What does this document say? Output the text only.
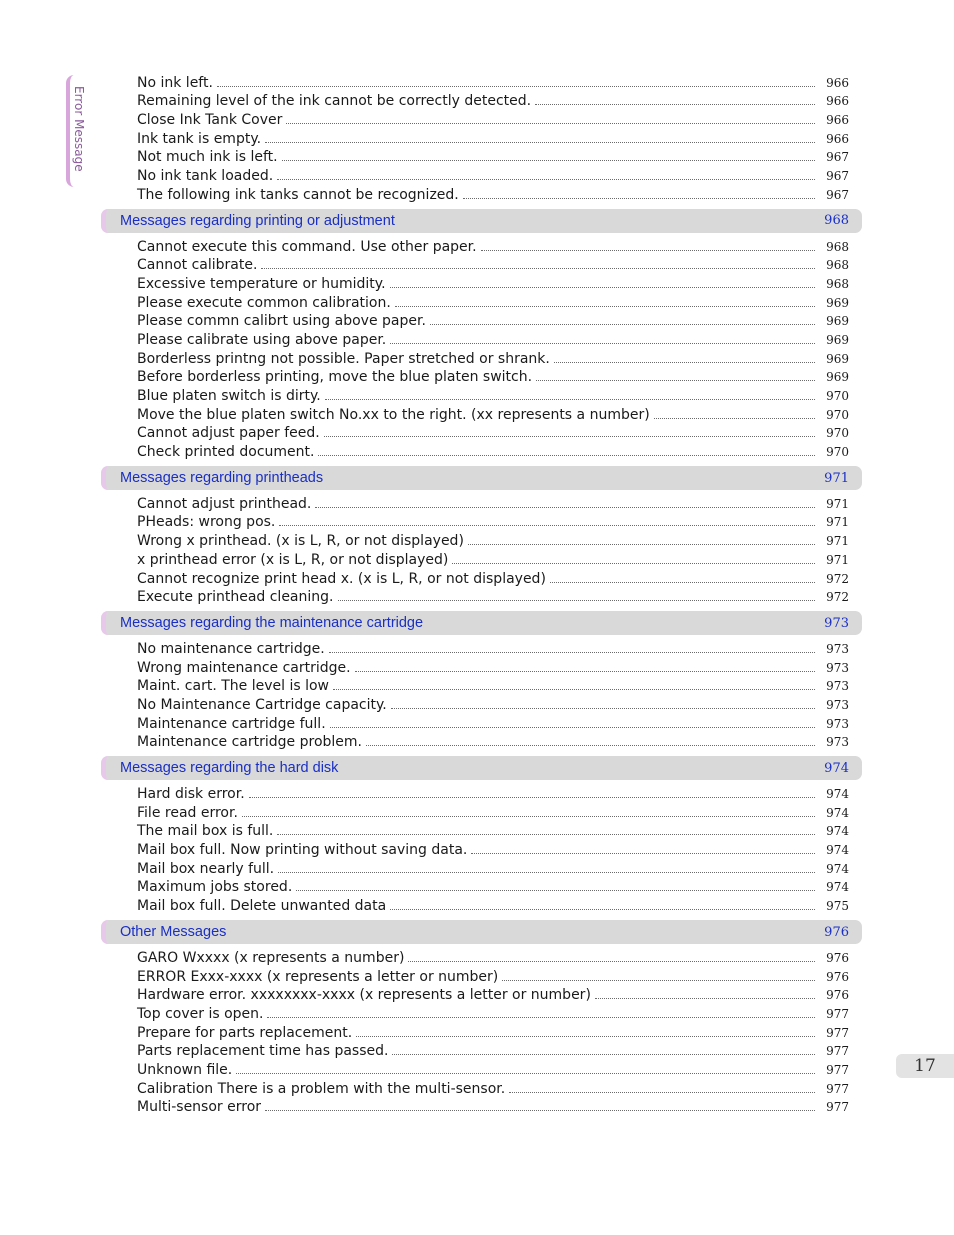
Error Message
No ink left.	966
Remaining level of the ink cannot be correctly detected.	966
Close Ink Tank Cover	966
Ink tank is empty.	966
Not much ink is left.	967
No ink tank loaded.	967
The following ink tanks cannot be recognized.	967
Messages regarding printing or adjustment	968
Cannot execute this command. Use other paper.	968
Cannot calibrate.	968
Excessive temperature or humidity.	968
Please execute common calibration.	969
Please commn calibrt using above paper.	969
Please calibrate using above paper.	969
Borderless printng not possible. Paper stretched or shrank.	969
Before borderless printing, move the blue platen switch.	969
Blue platen switch is dirty.	970
Move the blue platen switch No.xx to the right. (xx represents a number)	970
Cannot adjust paper feed.	970
Check printed document.	970
Messages regarding printheads	971
Cannot adjust printhead.	971
PHeads: wrong pos.	971
Wrong x printhead. (x is L, R, or not displayed)	971
x printhead error (x is L, R, or not displayed)	971
Cannot recognize print head x. (x is L, R, or not displayed)	972
Execute printhead cleaning.	972
Messages regarding the maintenance cartridge	973
No maintenance cartridge.	973
Wrong maintenance cartridge.	973
Maint. cart. The level is low	973
No Maintenance Cartridge capacity.	973
Maintenance cartridge full.	973
Maintenance cartridge problem.	973
Messages regarding the hard disk	974
Hard disk error.	974
File read error.	974
The mail box is full.	974
Mail box full. Now printing without saving data.	974
Mail box nearly full.	974
Maximum jobs stored.	974
Mail box full. Delete unwanted data	975
Other Messages	976
GARO Wxxxx (x represents a number)	976
ERROR Exxx-xxxx (x represents a letter or number)	976
Hardware error. xxxxxxxx-xxxx (x represents a letter or number)	976
Top cover is open.	977
Prepare for parts replacement.	977
Parts replacement time has passed.	977
Unknown file.	977
Calibration There is a problem with the multi-sensor.	977
Multi-sensor error	977
17
